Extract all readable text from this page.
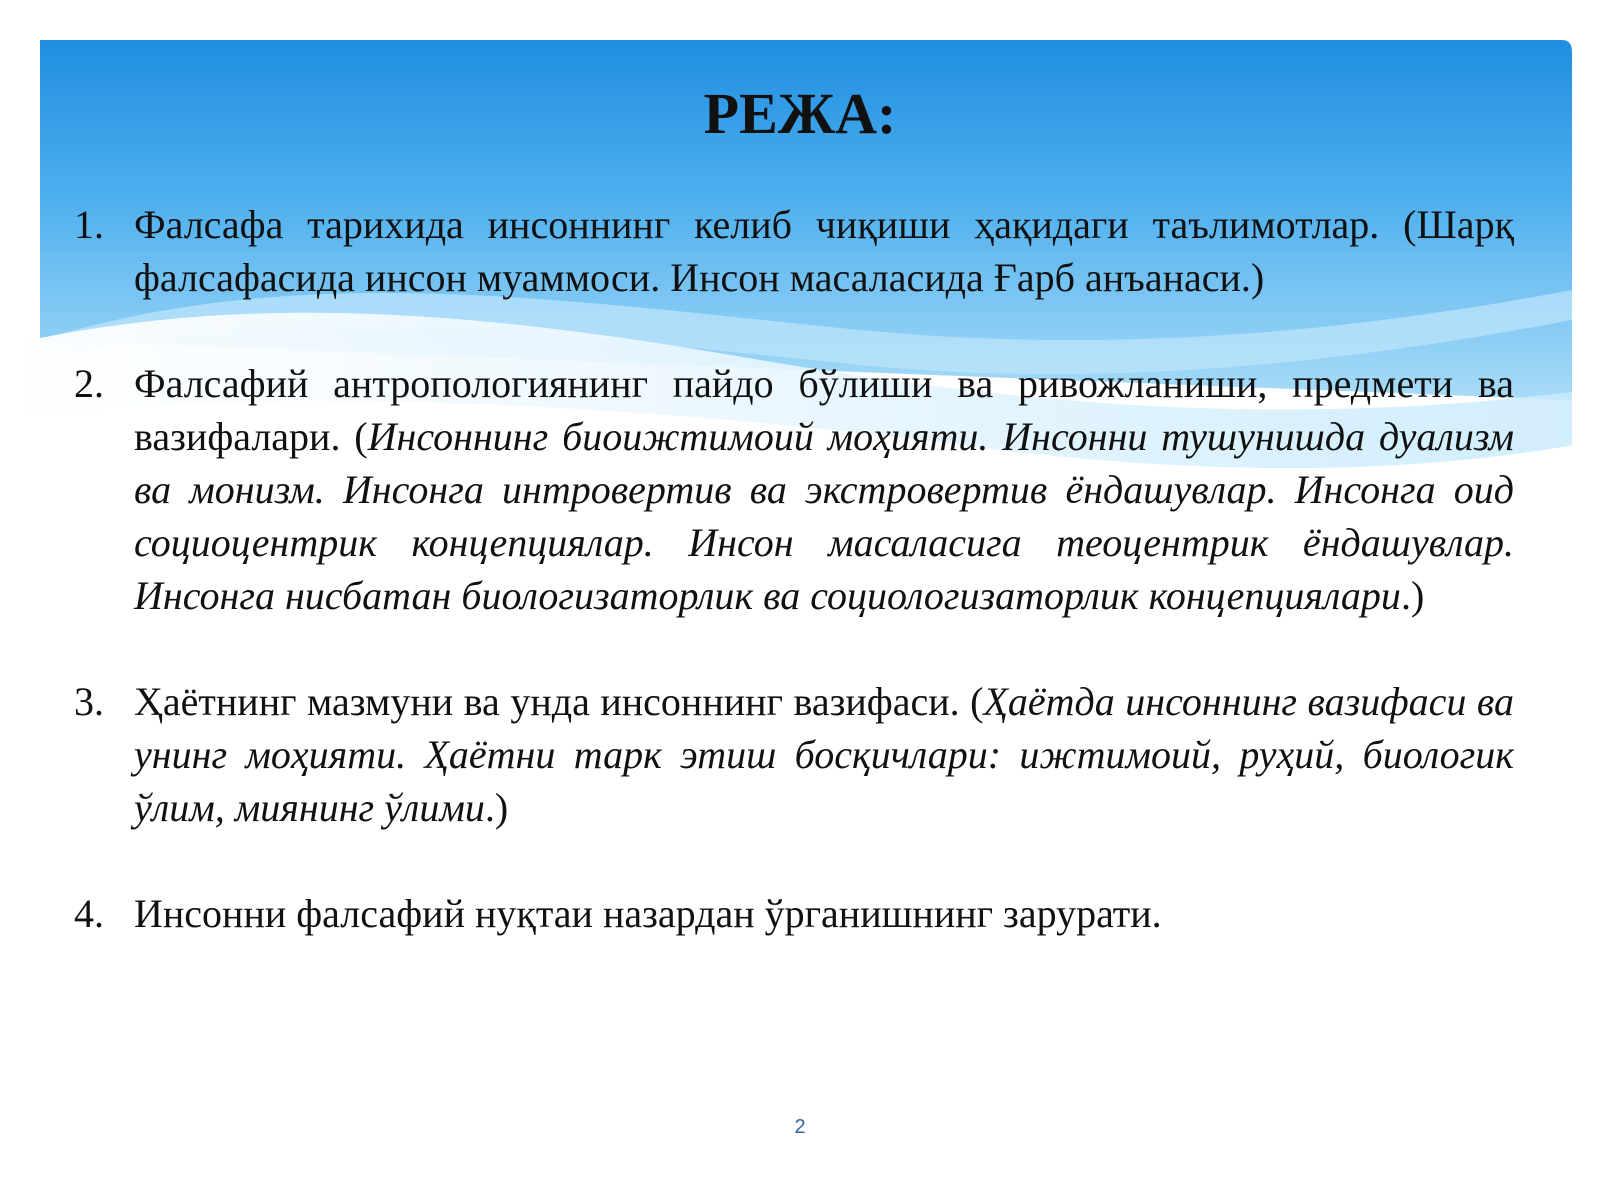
РЕЖА:
1. Фалсафа тарихида инсоннинг келиб чиқиши ҳақидаги таълимотлар. (Шарқ фалсафасида инсон муаммоси. Инсон масаласида Ғарб анъанаси.)
2. Фалсафий антропологиянинг пайдо бўлиши ва ривожланиши, предмети ва вазифалари. (Инсоннинг биоижтимоий моҳияти. Инсонни тушунишда дуализм ва монизм. Инсонга интровертив ва экстровертив ёндашувлар. Инсонга оид социоцентрик концепциялар. Инсон масаласига теоцентрик ёндашувлар. Инсонга нисбатан биологизаторлик ва социологизаторлик концепциялари.)
3. Ҳаётнинг мазмуни ва унда инсоннинг вазифаси. (Ҳаётда инсоннинг вазифаси ва унинг моҳияти. Ҳаётни тарк этиш босқичлари: ижтимоий, руҳий, биологик ўлим, миянинг ўлими.)
4. Инсонни фалсафий нуқтаи назардан ўрганишнинг зарурати.
2
